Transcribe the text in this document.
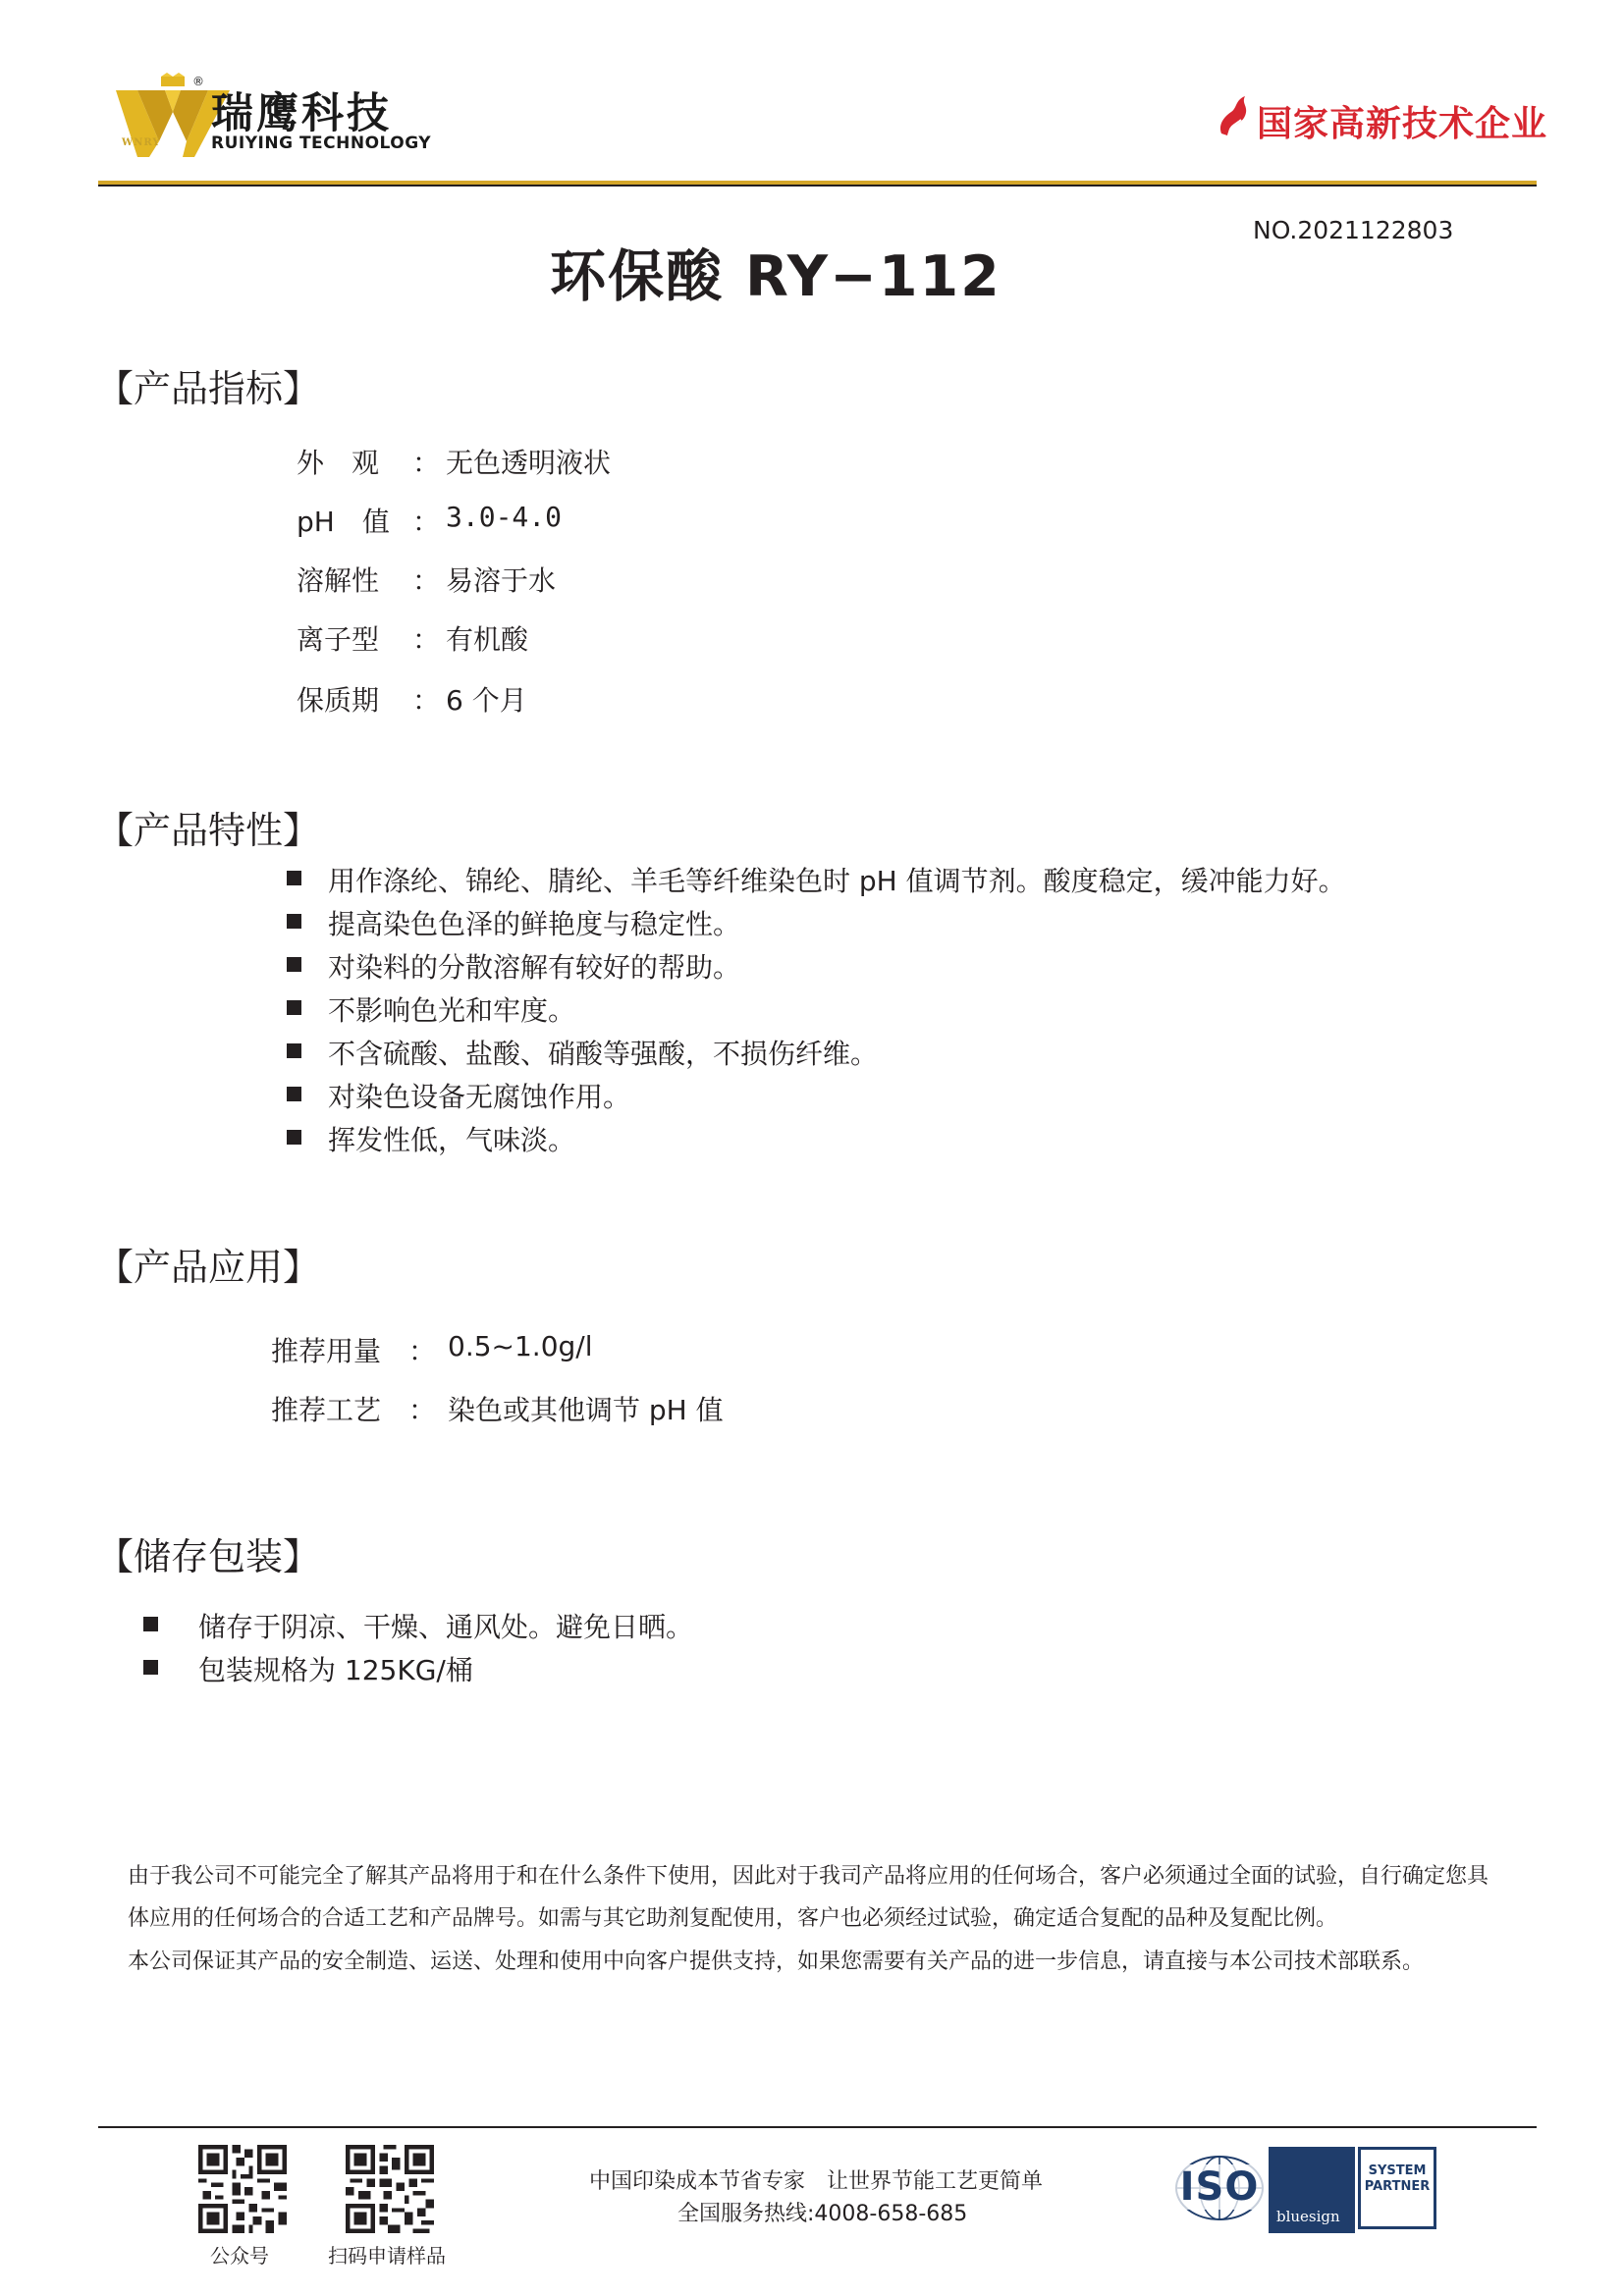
®
瑞鹰科技
RUIYING TECHNOLOGY
WNRY	国家高新技术企业
NO.2021122803
环保酸 RY−112
【产品指标】
外　观 ： 无色透明液状
pH　值 ： 3.0-4.0
溶解性 ： 易溶于水
离子型 ： 有机酸
保质期 ： 6 个月
【产品特性】
用作涤纶、锦纶、腈纶、羊毛等纤维染色时 pH 值调节剂。酸度稳定，缓冲能力好。
提高染色色泽的鲜艳度与稳定性。
对染料的分散溶解有较好的帮助。
不影响色光和牢度。
不含硫酸、盐酸、硝酸等强酸，不损伤纤维。
对染色设备无腐蚀作用。
挥发性低，气味淡。
【产品应用】
推荐用量 ： 0.5~1.0g/l
推荐工艺 ： 染色或其他调节 pH 值
【储存包装】
储存于阴凉、干燥、通风处。避免日晒。
包装规格为 125KG/桶
由于我公司不可能完全了解其产品将用于和在什么条件下使用，因此对于我司产品将应用的任何场合，客户必须通过全面的试验，自行确定您具
体应用的任何场合的合适工艺和产品牌号。如需与其它助剂复配使用，客户也必须经过试验，确定适合复配的品种及复配比例。
本公司保证其产品的安全制造、运送、处理和使用中向客户提供支持，如果您需要有关产品的进一步信息，请直接与本公司技术部联系。
公众号	扫码申请样品
中国印染成本节省专家　让世界节能工艺更简单
全国服务热线:4008-658-685
ISO
bluesign
SYSTEM PARTNER
